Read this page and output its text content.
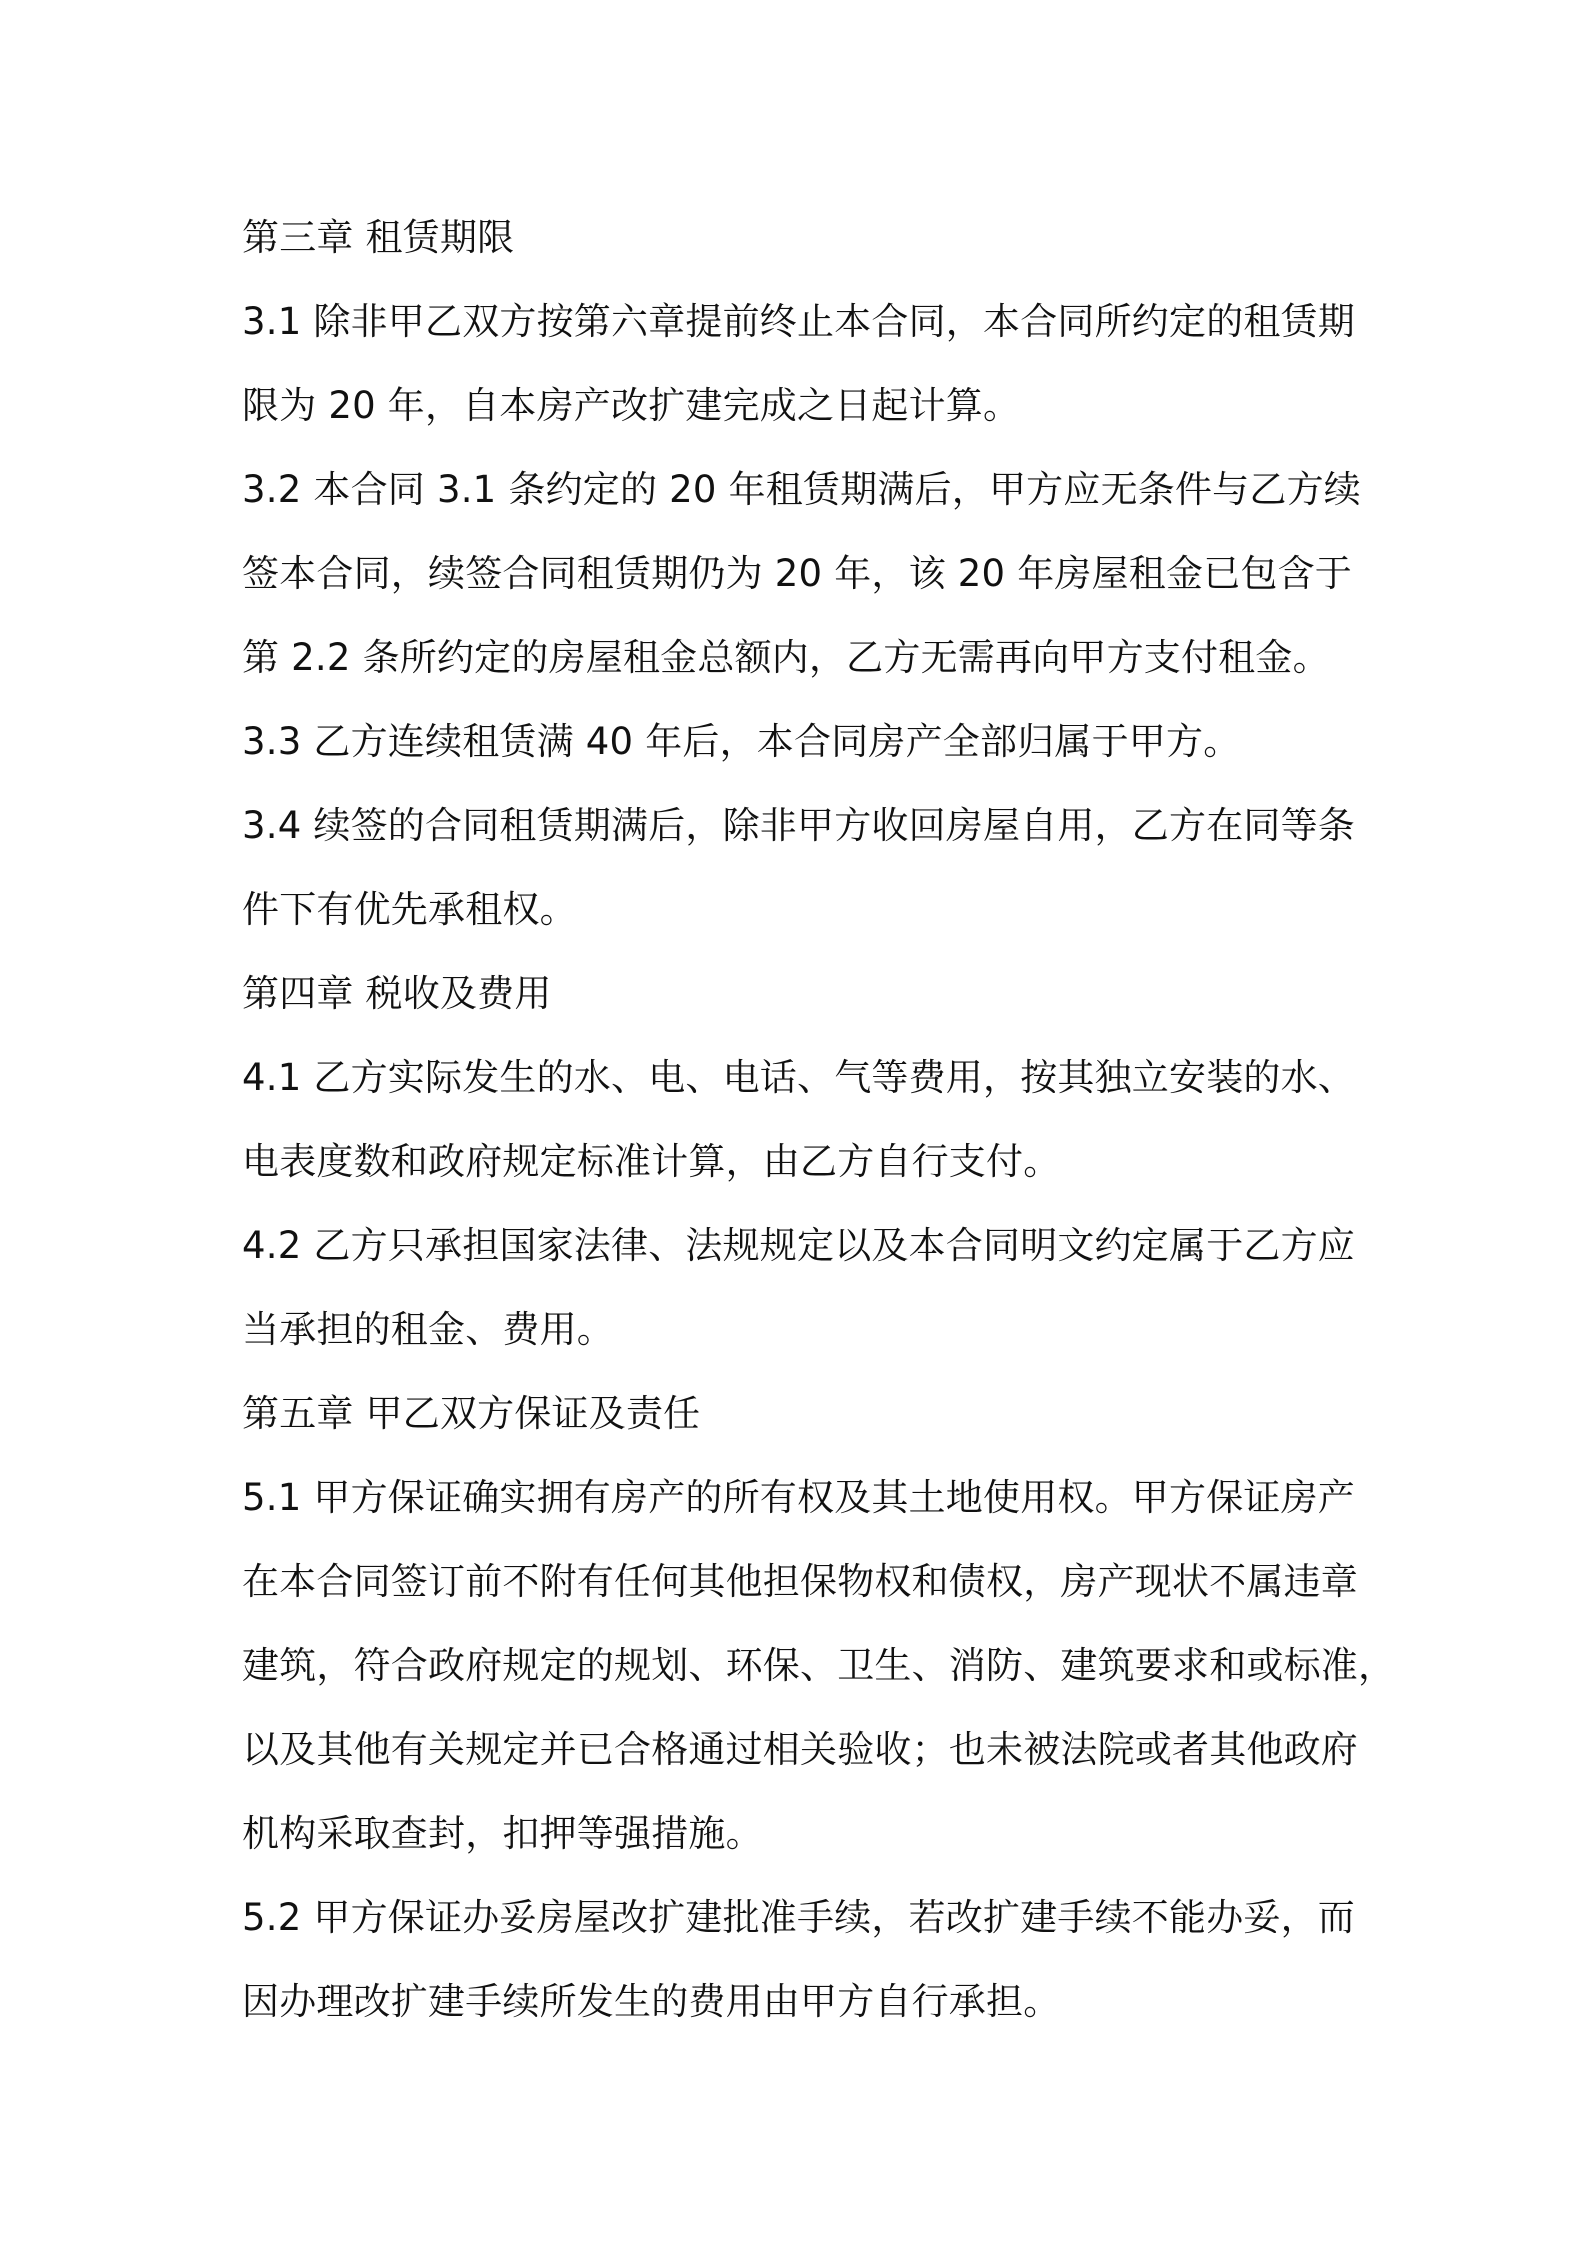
第三章 租赁期限
3.1 除非甲乙双方按第六章提前终止本合同，本合同所约定的租赁期
限为 20 年，自本房产改扩建完成之日起计算。
3.2 本合同 3.1 条约定的 20 年租赁期满后，甲方应无条件与乙方续
签本合同，续签合同租赁期仍为 20 年，该 20 年房屋租金已包含于
第 2.2 条所约定的房屋租金总额内，乙方无需再向甲方支付租金。
3.3 乙方连续租赁满 40 年后，本合同房产全部归属于甲方。
3.4 续签的合同租赁期满后，除非甲方收回房屋自用，乙方在同等条
件下有优先承租权。
第四章 税收及费用
4.1 乙方实际发生的水、电、电话、气等费用，按其独立安装的水、
电表度数和政府规定标准计算，由乙方自行支付。
4.2 乙方只承担国家法律、法规规定以及本合同明文约定属于乙方应
当承担的租金、费用。
第五章 甲乙双方保证及责任
5.1 甲方保证确实拥有房产的所有权及其土地使用权。甲方保证房产
在本合同签订前不附有任何其他担保物权和债权，房产现状不属违章
建筑，符合政府规定的规划、环保、卫生、消防、建筑要求和或标准，
以及其他有关规定并已合格通过相关验收；也未被法院或者其他政府
机构采取查封，扣押等强措施。
5.2 甲方保证办妥房屋改扩建批准手续，若改扩建手续不能办妥，而
因办理改扩建手续所发生的费用由甲方自行承担。
